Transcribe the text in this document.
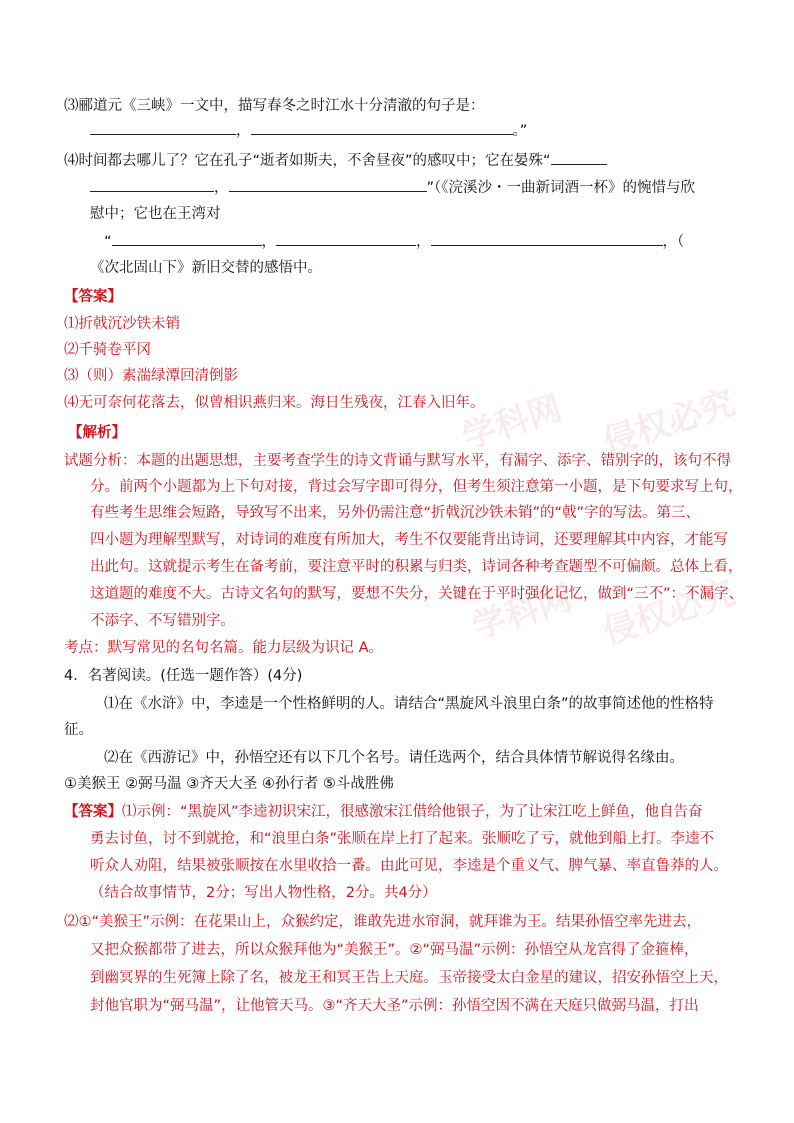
学科网 侵权必究
学科网 侵权必究
⑶郦道元《三峡》一文中，描写春冬之时江水十分清澈的句子是：
，	。”
⑷时间都去哪儿了？它在孔子“逝者如斯夫，不舍昼夜”的感叹中；它在晏殊“
，	”（《浣溪沙・一曲新词酒一杯》的惋惜与欣
慰中；它也在王湾对
“	，	，	，（
《次北固山下》新旧交替的感悟中。
【答案】
⑴折戟沉沙铁未销
⑵千骑卷平冈
⑶（则）素湍绿潭回清倒影
⑷无可奈何花落去，似曾相识燕归来。海日生残夜，江春入旧年。
【解析】
试题分析：本题的出题思想，主要考查学生的诗文背诵与默写水平，有漏字、添字、错别字的，该句不得
分。前两个小题都为上下句对接，背过会写字即可得分，但考生须注意第一小题，是下句要求写上句，
有些考生思维会短路，导致写不出来，另外仍需注意“折戟沉沙铁未销”的“戟”字的写法。第三、
四小题为理解型默写，对诗词的难度有所加大，考生不仅要能背出诗词，还要理解其中内容，才能写
出此句。这就提示考生在备考前，要注意平时的积累与归类，诗词各种考查题型不可偏颇。总体上看，
这道题的难度不大。古诗文名句的默写，要想不失分，关键在于平时强化记忆，做到“三不”：不漏字、
不添字、不写错别字。
考点：默写常见的名句名篇。能力层级为识记 A。
4．名著阅读。(任选一题作答）(4分)
⑴在《水浒》中，李逵是一个性格鲜明的人。请结合“黑旋风斗浪里白条”的故事简述他的性格特
征。
⑵在《西游记》中，孙悟空还有以下几个名号。请任选两个，结合具体情节解说得名缘由。
①美猴王 ②弼马温 ③齐天大圣 ④孙行者 ⑤斗战胜佛
【答案】⑴示例：“黑旋风”李逵初识宋江，很感激宋江借给他银子，为了让宋江吃上鲜鱼，他自告奋
勇去讨鱼，讨不到就抢，和“浪里白条”张顺在岸上打了起来。张顺吃了亏，就他到船上打。李逵不
听众人劝阻，结果被张顺按在水里收拾一番。由此可见，李逵是个重义气、脾气暴、率直鲁莽的人。
（结合故事情节，2分；写出人物性格，2分。共4分）
⑵①“美猴王”示例：在花果山上，众猴约定，谁敢先进水帘洞，就拜谁为王。结果孙悟空率先进去，
又把众猴都带了进去，所以众猴拜他为“美猴王”。②“弼马温”示例：孙悟空从龙宫得了金箍棒，
到幽冥界的生死簿上除了名，被龙王和冥王告上天庭。玉帝接受太白金星的建议，招安孙悟空上天，
封他官职为“弼马温”，让他管天马。③“齐天大圣”示例：孙悟空因不满在天庭只做弼马温，打出
